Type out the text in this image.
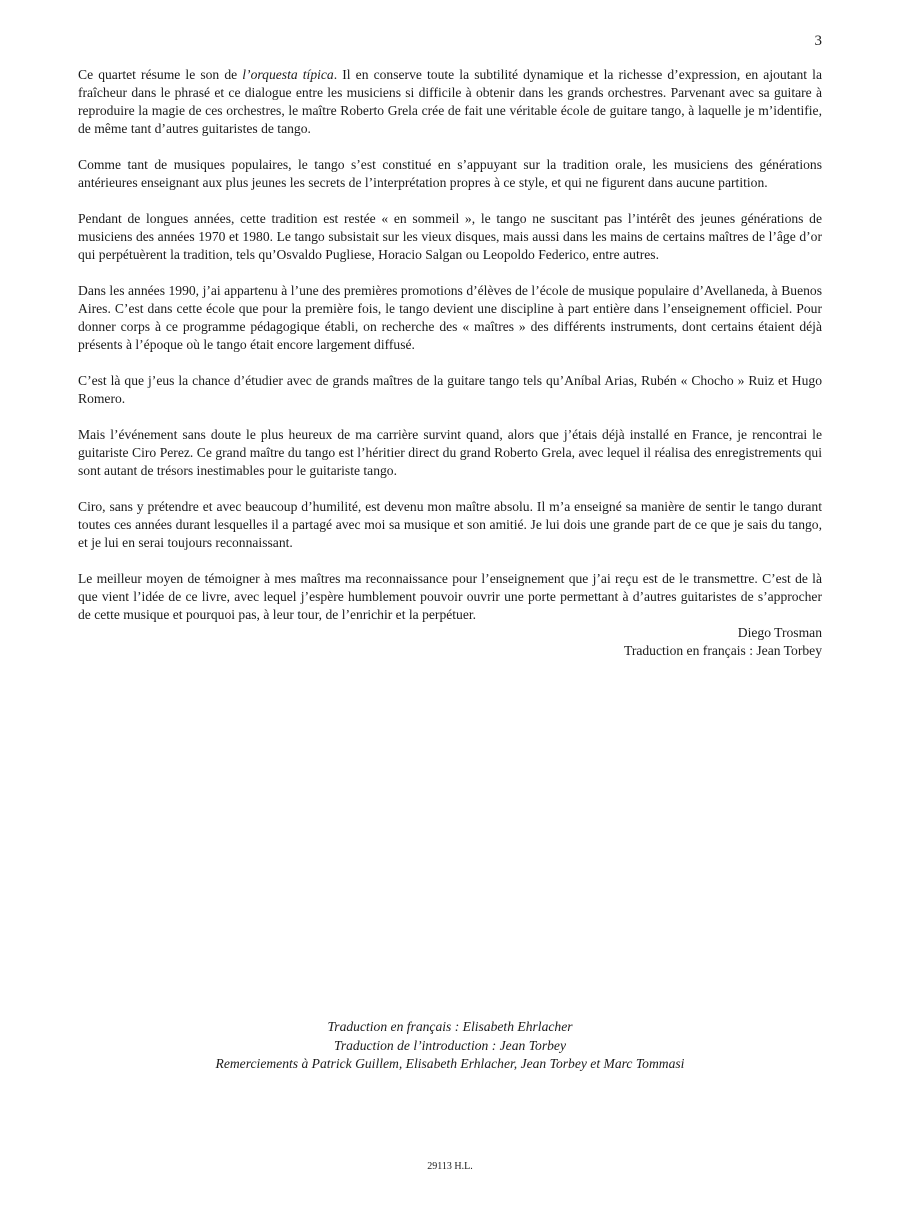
3

Ce quartet résume le son de l’orquesta típica. Il en conserve toute la subtilité dynamique et la richesse d’expression, en ajoutant la fraîcheur dans le phrasé et ce dialogue entre les musiciens si difficile à obtenir dans les grands orchestres. Parvenant avec sa guitare à reproduire la magie de ces orchestres, le maître Roberto Grela crée de fait une véritable école de guitare tango, à laquelle je m’identifie, de même tant d’autres guitaristes de tango.

Comme tant de musiques populaires, le tango s’est constitué en s’appuyant sur la tradition orale, les musiciens des générations antérieures enseignant aux plus jeunes les secrets de l’interprétation propres à ce style, et qui ne figurent dans aucune partition.

Pendant de longues années, cette tradition est restée « en sommeil », le tango ne suscitant pas l’intérêt des jeunes générations de musiciens des années 1970 et 1980. Le tango subsistait sur les vieux disques, mais aussi dans les mains de certains maîtres de l’âge d’or qui perpétuèrent la tradition, tels qu’Osvaldo Pugliese, Horacio Salgan ou Leopoldo Federico, entre autres.

Dans les années 1990, j’ai appartenu à l’une des premières promotions d’élèves de l’école de musique populaire d’Avellaneda, à Buenos Aires. C’est dans cette école que pour la première fois, le tango devient une discipline à part entière dans l’enseignement officiel. Pour donner corps à ce programme pédagogique établi, on recherche des « maîtres » des différents instruments, dont certains étaient déjà présents à l’époque où le tango était encore largement diffusé.

C’est là que j’eus la chance d’étudier avec de grands maîtres de la guitare tango tels qu’Aníbal Arias, Rubén « Chocho » Ruiz et Hugo Romero.

Mais l’événement sans doute le plus heureux de ma carrière survint quand, alors que j’étais déjà installé en France, je rencontrai le guitariste Ciro Perez. Ce grand maître du tango est l’héritier direct du grand Roberto Grela, avec lequel il réalisa des enregistrements qui sont autant de trésors inestimables pour le guitariste tango.

Ciro, sans y prétendre et avec beaucoup d’humilité, est devenu mon maître absolu. Il m’a enseigné sa manière de sentir le tango durant toutes ces années durant lesquelles il a partagé avec moi sa musique et son amitié. Je lui dois une grande part de ce que je sais du tango, et je lui en serai toujours reconnaissant.

Le meilleur moyen de témoigner à mes maîtres ma reconnaissance pour l’enseignement que j’ai reçu est de le transmettre. C’est de là que vient l’idée de ce livre, avec lequel j’espère humblement pouvoir ouvrir une porte permettant à d’autres guitaristes de s’approcher de cette musique et pourquoi pas, à leur tour, de l’enrichir et la perpétuer.

Diego Trosman
Traduction en français : Jean Torbey
Traduction en français : Elisabeth Ehrlacher
Traduction de l’introduction : Jean Torbey
Remerciements à Patrick Guillem, Elisabeth Erhlacher, Jean Torbey et Marc Tommasi
29113 H.L.
